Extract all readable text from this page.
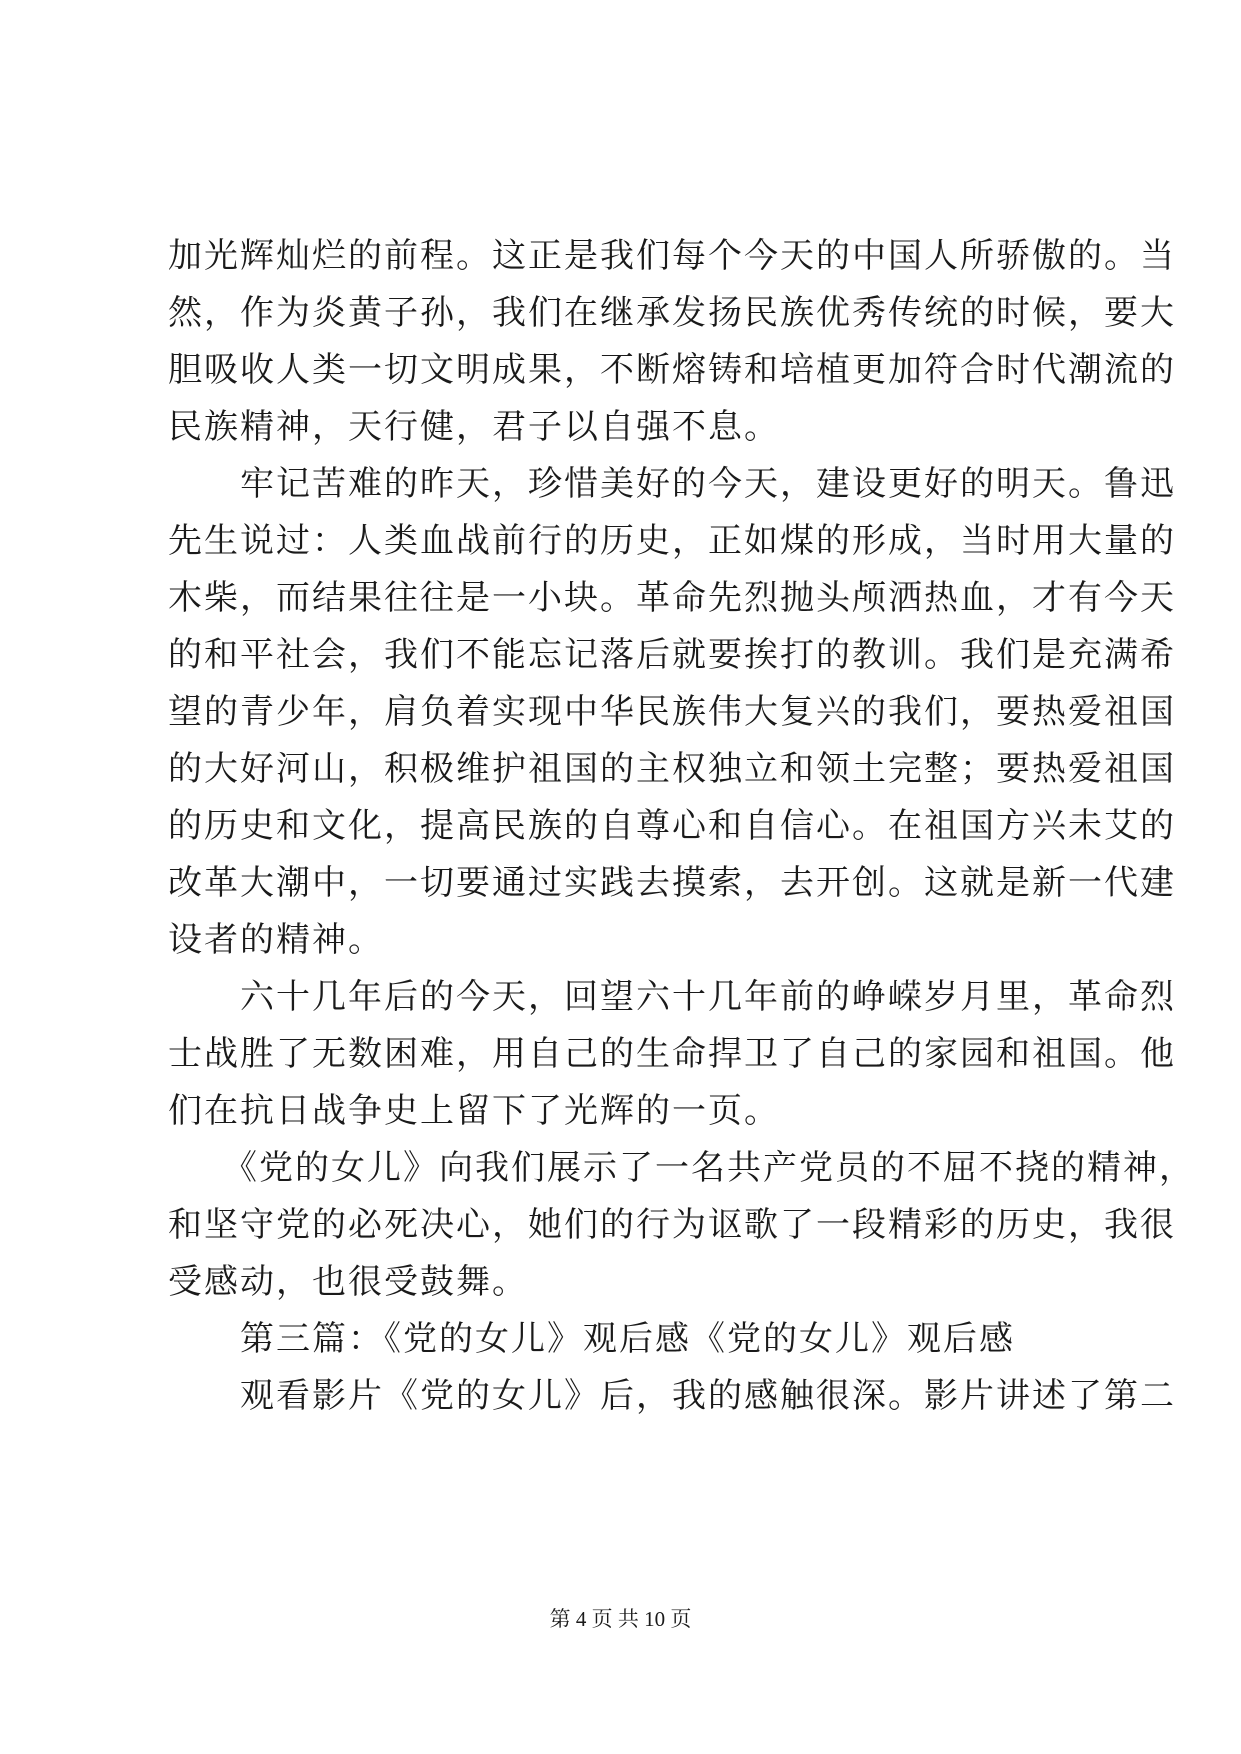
加光辉灿烂的前程。这正是我们每个今天的中国人所骄傲的。当
然，作为炎黄子孙，我们在继承发扬民族优秀传统的时候，要大
胆吸收人类一切文明成果，不断熔铸和培植更加符合时代潮流的
民族精神，天行健，君子以自强不息。
　　牢记苦难的昨天，珍惜美好的今天，建设更好的明天。鲁迅
先生说过：人类血战前行的历史，正如煤的形成，当时用大量的
木柴，而结果往往是一小块。革命先烈抛头颅洒热血，才有今天
的和平社会，我们不能忘记落后就要挨打的教训。我们是充满希
望的青少年，肩负着实现中华民族伟大复兴的我们，要热爱祖国
的大好河山，积极维护祖国的主权独立和领土完整；要热爱祖国
的历史和文化，提高民族的自尊心和自信心。在祖国方兴未艾的
改革大潮中，一切要通过实践去摸索，去开创。这就是新一代建
设者的精神。
　　六十几年后的今天，回望六十几年前的峥嵘岁月里，革命烈
士战胜了无数困难，用自己的生命捍卫了自己的家园和祖国。他
们在抗日战争史上留下了光辉的一页。
　　《党的女儿》向我们展示了一名共产党员的不屈不挠的精神，
和坚守党的必死决心，她们的行为讴歌了一段精彩的历史，我很
受感动，也很受鼓舞。
　　第三篇：《党的女儿》观后感《党的女儿》观后感
　　观看影片《党的女儿》后，我的感触很深。影片讲述了第二
第 4 页 共 10 页
